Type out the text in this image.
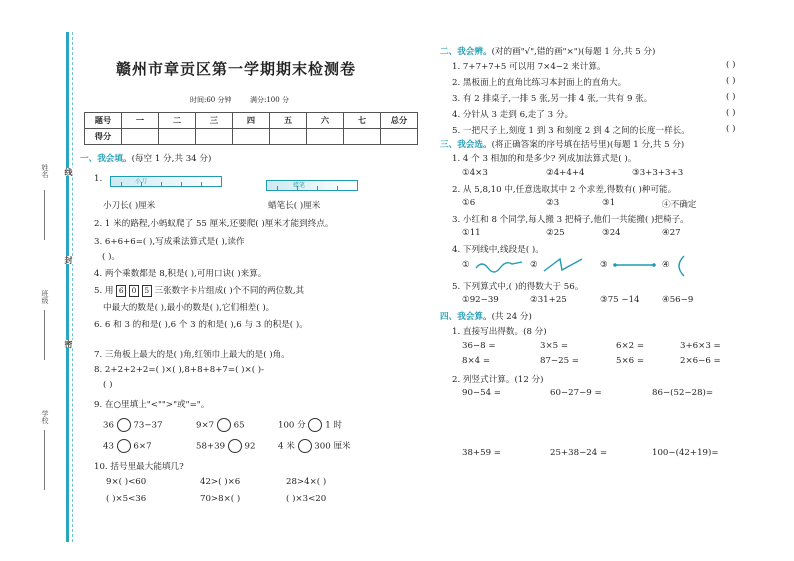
姓名
班级
学校
线
封
密
赣州市章贡区第一学期期末检测卷
时间:60 分钟	满分:100 分
题号	一	二	三	四	五	六	七	总分
得分								
一、我会填。(每空 1 分,共 34 分)
1.	小刀
蜡笔
小刀长( )厘米	蜡笔长( )厘米
2. 1 米的路程,小蚂蚁爬了 55 厘米,还要爬( )厘米才能到终点。
3. 6+6+6=( ),写成乘法算式是( ),读作
( )。
4. 两个乘数都是 8,积是( ),可用口诀( )来算。
5. 用 6 0 5 三张数字卡片组成( )个不同的两位数,其
中最大的数是( ),最小的数是( ),它们相差( )。
6. 6 和 3 的和是( ),6 个 3 的和是( ),6 与 3 的积是( )。
7. 三角板上最大的是( )角,红领巾上最大的是( )角。
8. 2+2+2+2=( )×( ),8+8+8+7=( )×( )-
( )
9. 在○里填上"<"">"或"="。
36 73−37	9×7 65	100 分 1 时
43 6×7	58+39 92	4 米 300 厘米
10. 括号里最大能填几?
9×( )<60	42>( )×6	28>4×( )
( )×5<36	70>8×( )	( )×3<20
二、我会辨。(对的画"√",错的画"×")(每题 1 分,共 5 分)
1. 7+7+7+5 可以用 7×4−2 来计算。	( )
2. 黑板面上的直角比练习本封面上的直角大。	( )
3. 有 2 排桌子,一排 5 张,另一排 4 张,一共有 9 张。	( )
4. 分针从 3 走到 6,走了 3 分。	( )
5. 一把尺子上,刻度 1 到 3 和刻度 2 到 4 之间的长度一样长。	( )
三、我会选。(将正确答案的序号填在括号里)(每题 1 分,共 5 分)
1. 4 个 3 相加的和是多少? 列成加法算式是( )。
①4×3	②4+4+4	③3+3+3+3
2. 从 5,8,10 中,任意选取其中 2 个求差,得数有( )种可能。
①6	②3	③1	④不确定
3. 小红和 8 个同学,每人搬 3 把椅子,他们一共能搬( )把椅子。
①11	②25	③24	④27
4. 下列线中,线段是( )。
①	②	③	④
5. 下列算式中,( )的得数大于 56。
①92−39	②31+25	③75 −14	④56−9
四、我会算。(共 24 分)
1. 直接写出得数。(8 分)
36−8 =	3×5 =	6×2 =	3+6×3 =
8×4 =	87−25 =	5×6 =	2×6−6 =
2. 列竖式计算。(12 分)
90−54 =	60−27−9 =	86−(52−28)=
38+59 =	25+38−24 =	100−(42+19)=
